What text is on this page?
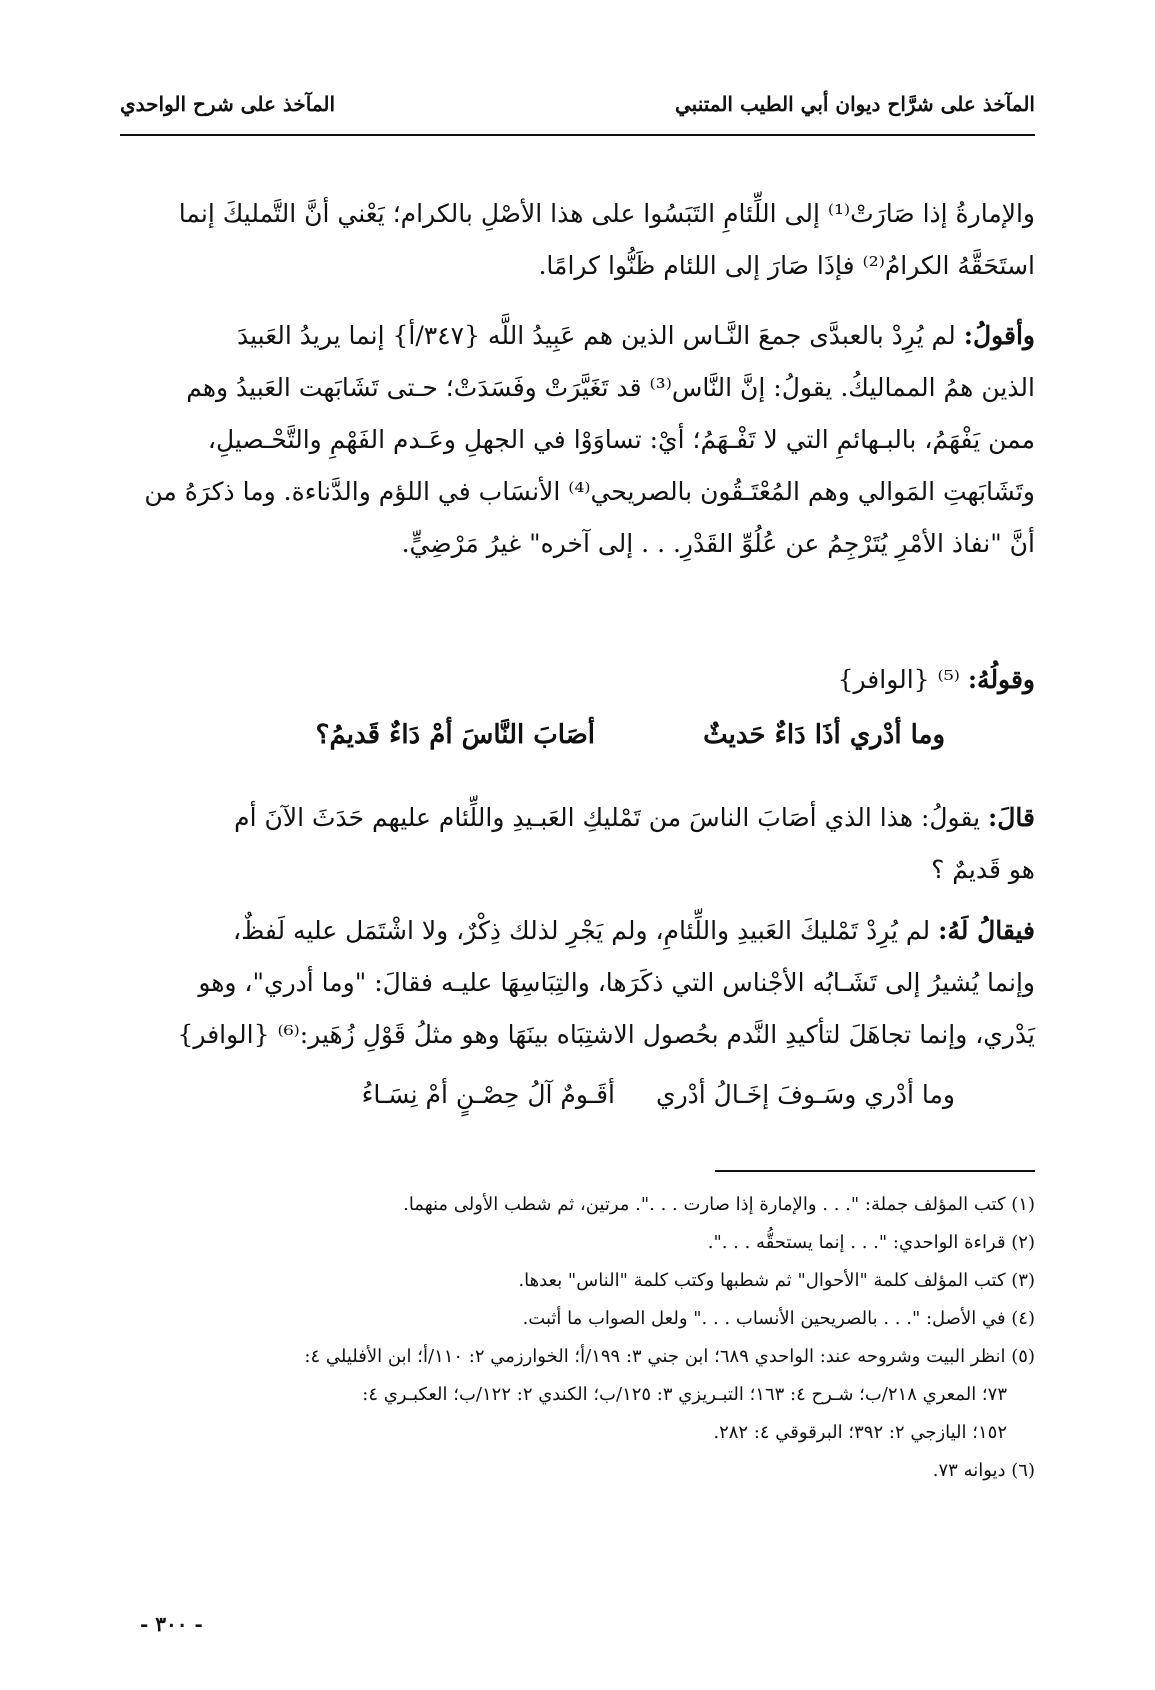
المآخذ على شرَّاح ديوان أبي الطيب المتنبي
المآخذ على شرح الواحدي
والإمارةُ إذا صَارَتْ⁽¹⁾ إلى اللِّئامِ التَبَسُوا على هذا الأصْلِ بالكرام؛ يَعْني أنَّ التَّمليكَ إنما
استَحَقَّهُ الكرامُ⁽²⁾ فإذَا صَارَ إلى اللئام ظَنُّوا كرامًا.
وأقولُ: لم يُرِدْ بالعبدَّى جمعَ النَّـاس الذين هم عَبِيدُ اللَّه {٣٤٧/أ} إنما يريدُ العَبيدَ
الذين همُ المماليكُ. يقولُ: إنَّ النَّاس⁽³⁾ قد تَغَيَّرَتْ وفَسَدَتْ؛ حـتى تَشَابَهت العَبيدُ وهم
ممن يَفْهَمُ، بالبـهائمِ التي لا تَفْـهَمُ؛ أيْ: تساوَوْا في الجهلِ وعَـدم الفَهْمِ والتَّحْـصيلِ،
وتَشَابَهتِ المَوالي وهم المُعْتَـقُون بالصريحي⁽⁴⁾ الأنسَاب في اللؤم والدَّناءة. وما ذكرَهُ من
أنَّ "نفاذ الأمْرِ يُتَرْجِمُ عن عُلُوِّ القَدْرِ. . . إلى آخره" غيرُ مَرْضِيٍّ.
وقولُهُ: ⁽⁵⁾ {الوافر}
وما أدْري أذَا دَاءٌ حَديثٌ
أصَابَ النَّاسَ أمْ دَاءٌ قَديمُ؟
قالَ: يقولُ: هذا الذي أصَابَ الناسَ من تَمْليكِ العَبـيدِ واللِّئام عليهم حَدَثَ الآنَ أم
هو قَديمٌ ؟
فيقالُ لَهُ: لم يُرِدْ تَمْليكَ العَبيدِ واللِّئامِ، ولم يَجْرِ لذلك ذِكْرٌ، ولا اشْتَمَل عليه لَفظٌ،
وإنما يُشيرُ إلى تَشَـابُه الأجْناس التي ذكَرَها، والتِبَاسِهَا عليـه فقالَ: "وما أدري"، وهو
يَدْري، وإنما تجاهَلَ لتأكيدِ النَّدم بحُصول الاشتِبَاه بينَهَا وهو مثلُ قَوْلِ زُهَير:⁽⁶⁾ {الوافر}
وما أدْري وسَـوفَ إخَـالُ أدْري
أقَـومٌ آلُ حِصْـنٍ أمْ نِسَـاءُ

(١) كتب المؤلف جملة: ". . . والإمارة إذا صارت . . .". مرتين، ثم شطب الأولى منهما.

(٢) قراءة الواحدي: ". . . إنما يستحقُّه . . .".

(٣) كتب المؤلف كلمة "الأحوال" ثم شطبها وكتب كلمة "الناس" بعدها.

(٤) في الأصل: ". . . بالصريحين الأنساب . . ." ولعل الصواب ما أثبت.

(٥) انظر البيت وشروحه عند: الواحدي ٦٨٩؛ ابن جني ٣: ١٩٩/أ؛ الخوارزمي ٢: ١١٠/أ؛ ابن الأفليلي ٤:

٧٣؛ المعري ٢١٨/ب؛ شـرح ٤: ١٦٣؛ التبـريزي ٣: ١٢٥/ب؛ الكندي ٢: ١٢٢/ب؛ العكبـري ٤:

١٥٢؛ اليازجي ٢: ٣٩٢؛ البرقوقي ٤: ٢٨٢.

(٦) ديوانه ٧٣.

- ٣٠٠ -
